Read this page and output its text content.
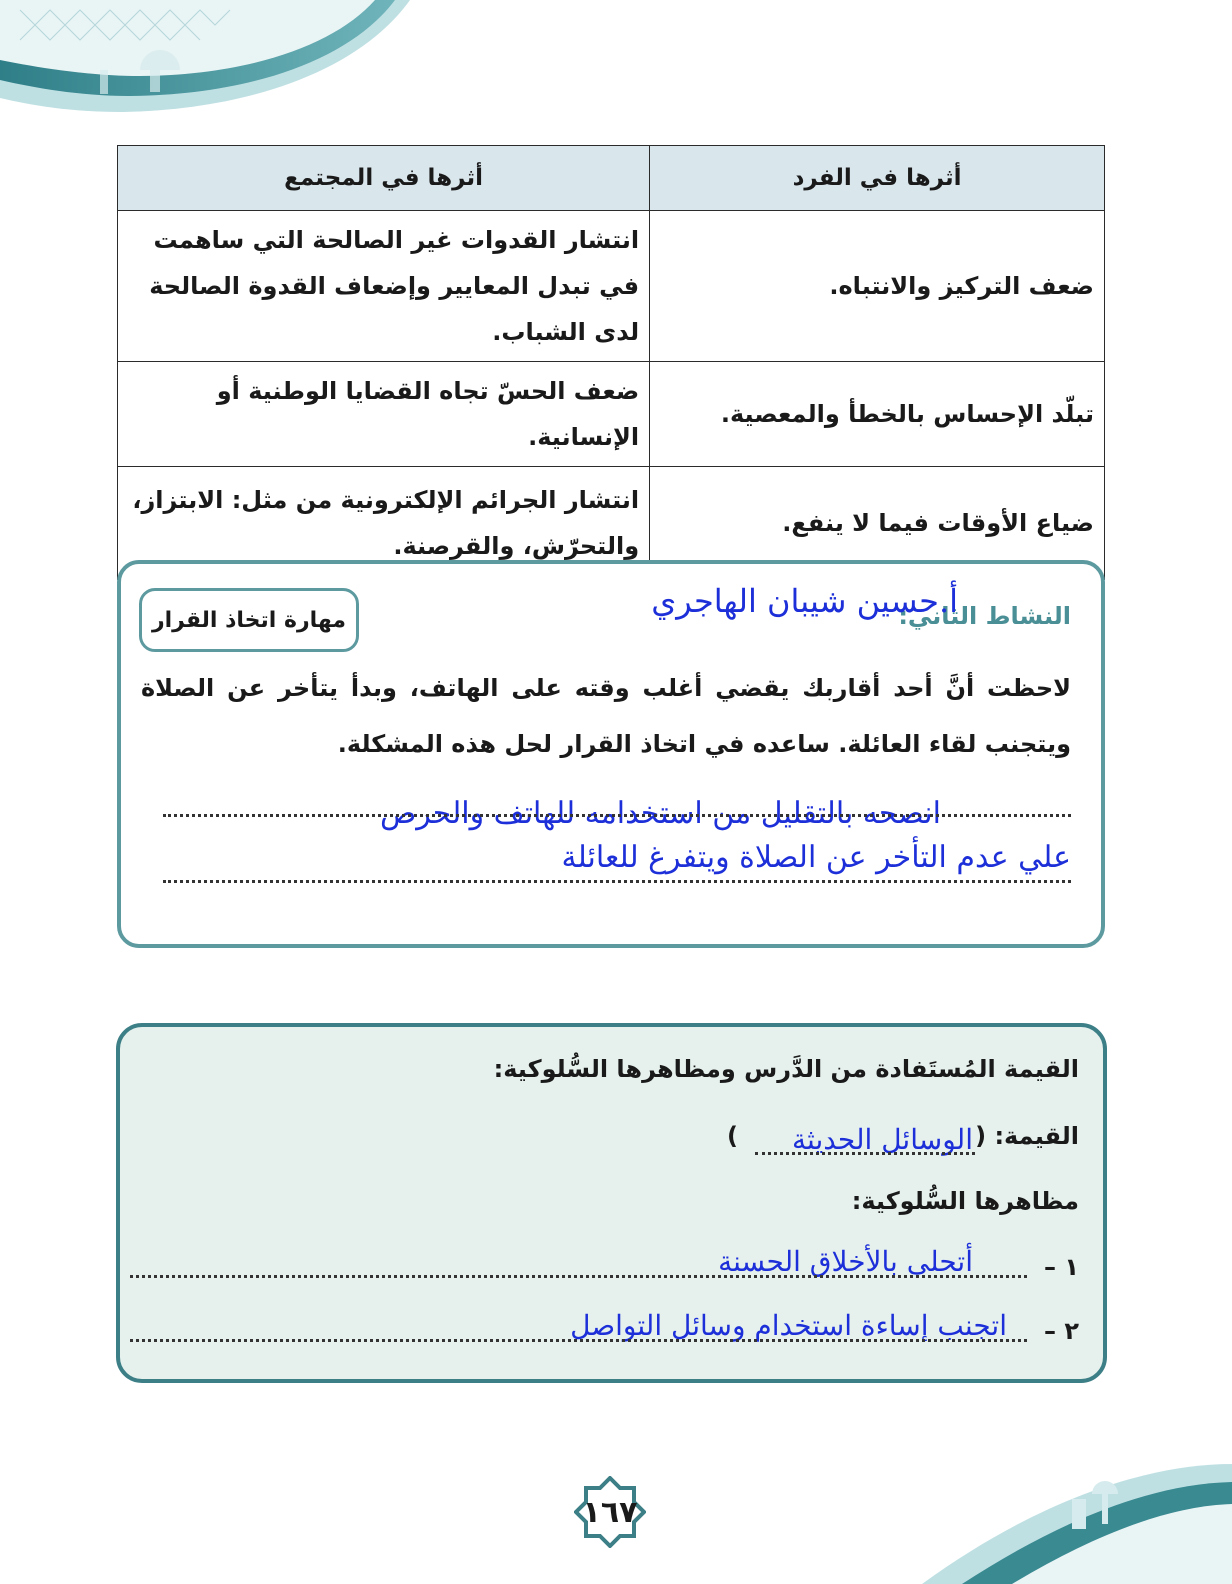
أثرها في الفرد	أثرها في المجتمع
ضعف التركيز والانتباه.	انتشار القدوات غير الصالحة التي ساهمت في تبدل المعايير وإضعاف القدوة الصالحة لدى الشباب.
تبلّد الإحساس بالخطأ والمعصية.	ضعف الحسّ تجاه القضايا الوطنية أو الإنسانية.
ضياع الأوقات فيما لا ينفع.	انتشار الجرائم الإلكترونية من مثل: الابتزاز، والتحرّش، والقرصنة.
النشاط الثاني:
أ.حسين شيبان الهاجري
مهارة اتخاذ القرار
لاحظت أنَّ أحد أقاربك يقضي أغلب وقته على الهاتف، وبدأ يتأخر عن الصلاة ويتجنب لقاء العائلة. ساعده في اتخاذ القرار لحل هذه المشكلة.
انصحه بالتقليل من استخدامه للهاتف والحرص
علي عدم التأخر عن الصلاة ويتفرغ للعائلة
القيمة المُستَفادة من الدَّرس ومظاهرها السُّلوكية:
القيمة: (
الوسائل الحديثة
)
مظاهرها السُّلوكية:
١ –
أتحلى بالأخلاق الحسنة
٢ –
اتجنب إساءة استخدام وسائل التواصل
١٦٧
